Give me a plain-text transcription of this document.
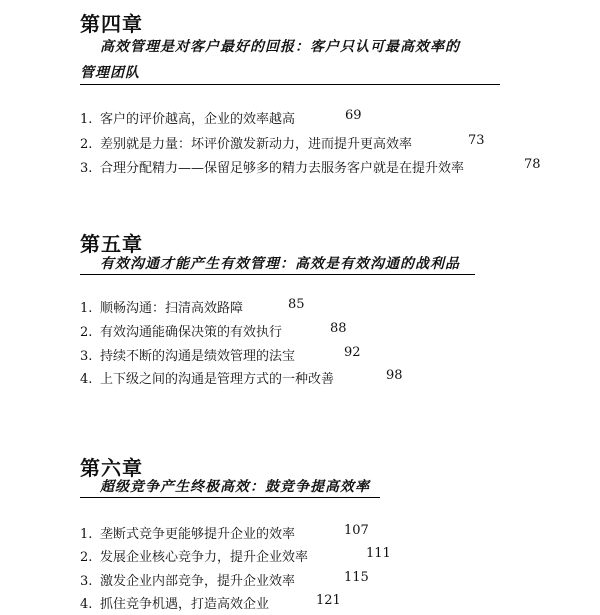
第四章
高效管理是对客户最好的回报：客户只认可最高效率的
管理团队
1. 客户的评价越高，企业的效率越高	69
2. 差别就是力量：坏评价激发新动力，进而提升更高效率	73
3. 合理分配精力——保留足够多的精力去服务客户就是在提升效率	78
第五章
有效沟通才能产生有效管理：高效是有效沟通的战利品
1. 顺畅沟通：扫清高效路障	85
2. 有效沟通能确保决策的有效执行	88
3. 持续不断的沟通是绩效管理的法宝	92
4. 上下级之间的沟通是管理方式的一种改善	98
第六章
超级竞争产生终极高效：鼓竞争提高效率
1. 垄断式竞争更能够提升企业的效率	107
2. 发展企业核心竞争力，提升企业效率	111
3. 激发企业内部竞争，提升企业效率	115
4. 抓住竞争机遇，打造高效企业	121
